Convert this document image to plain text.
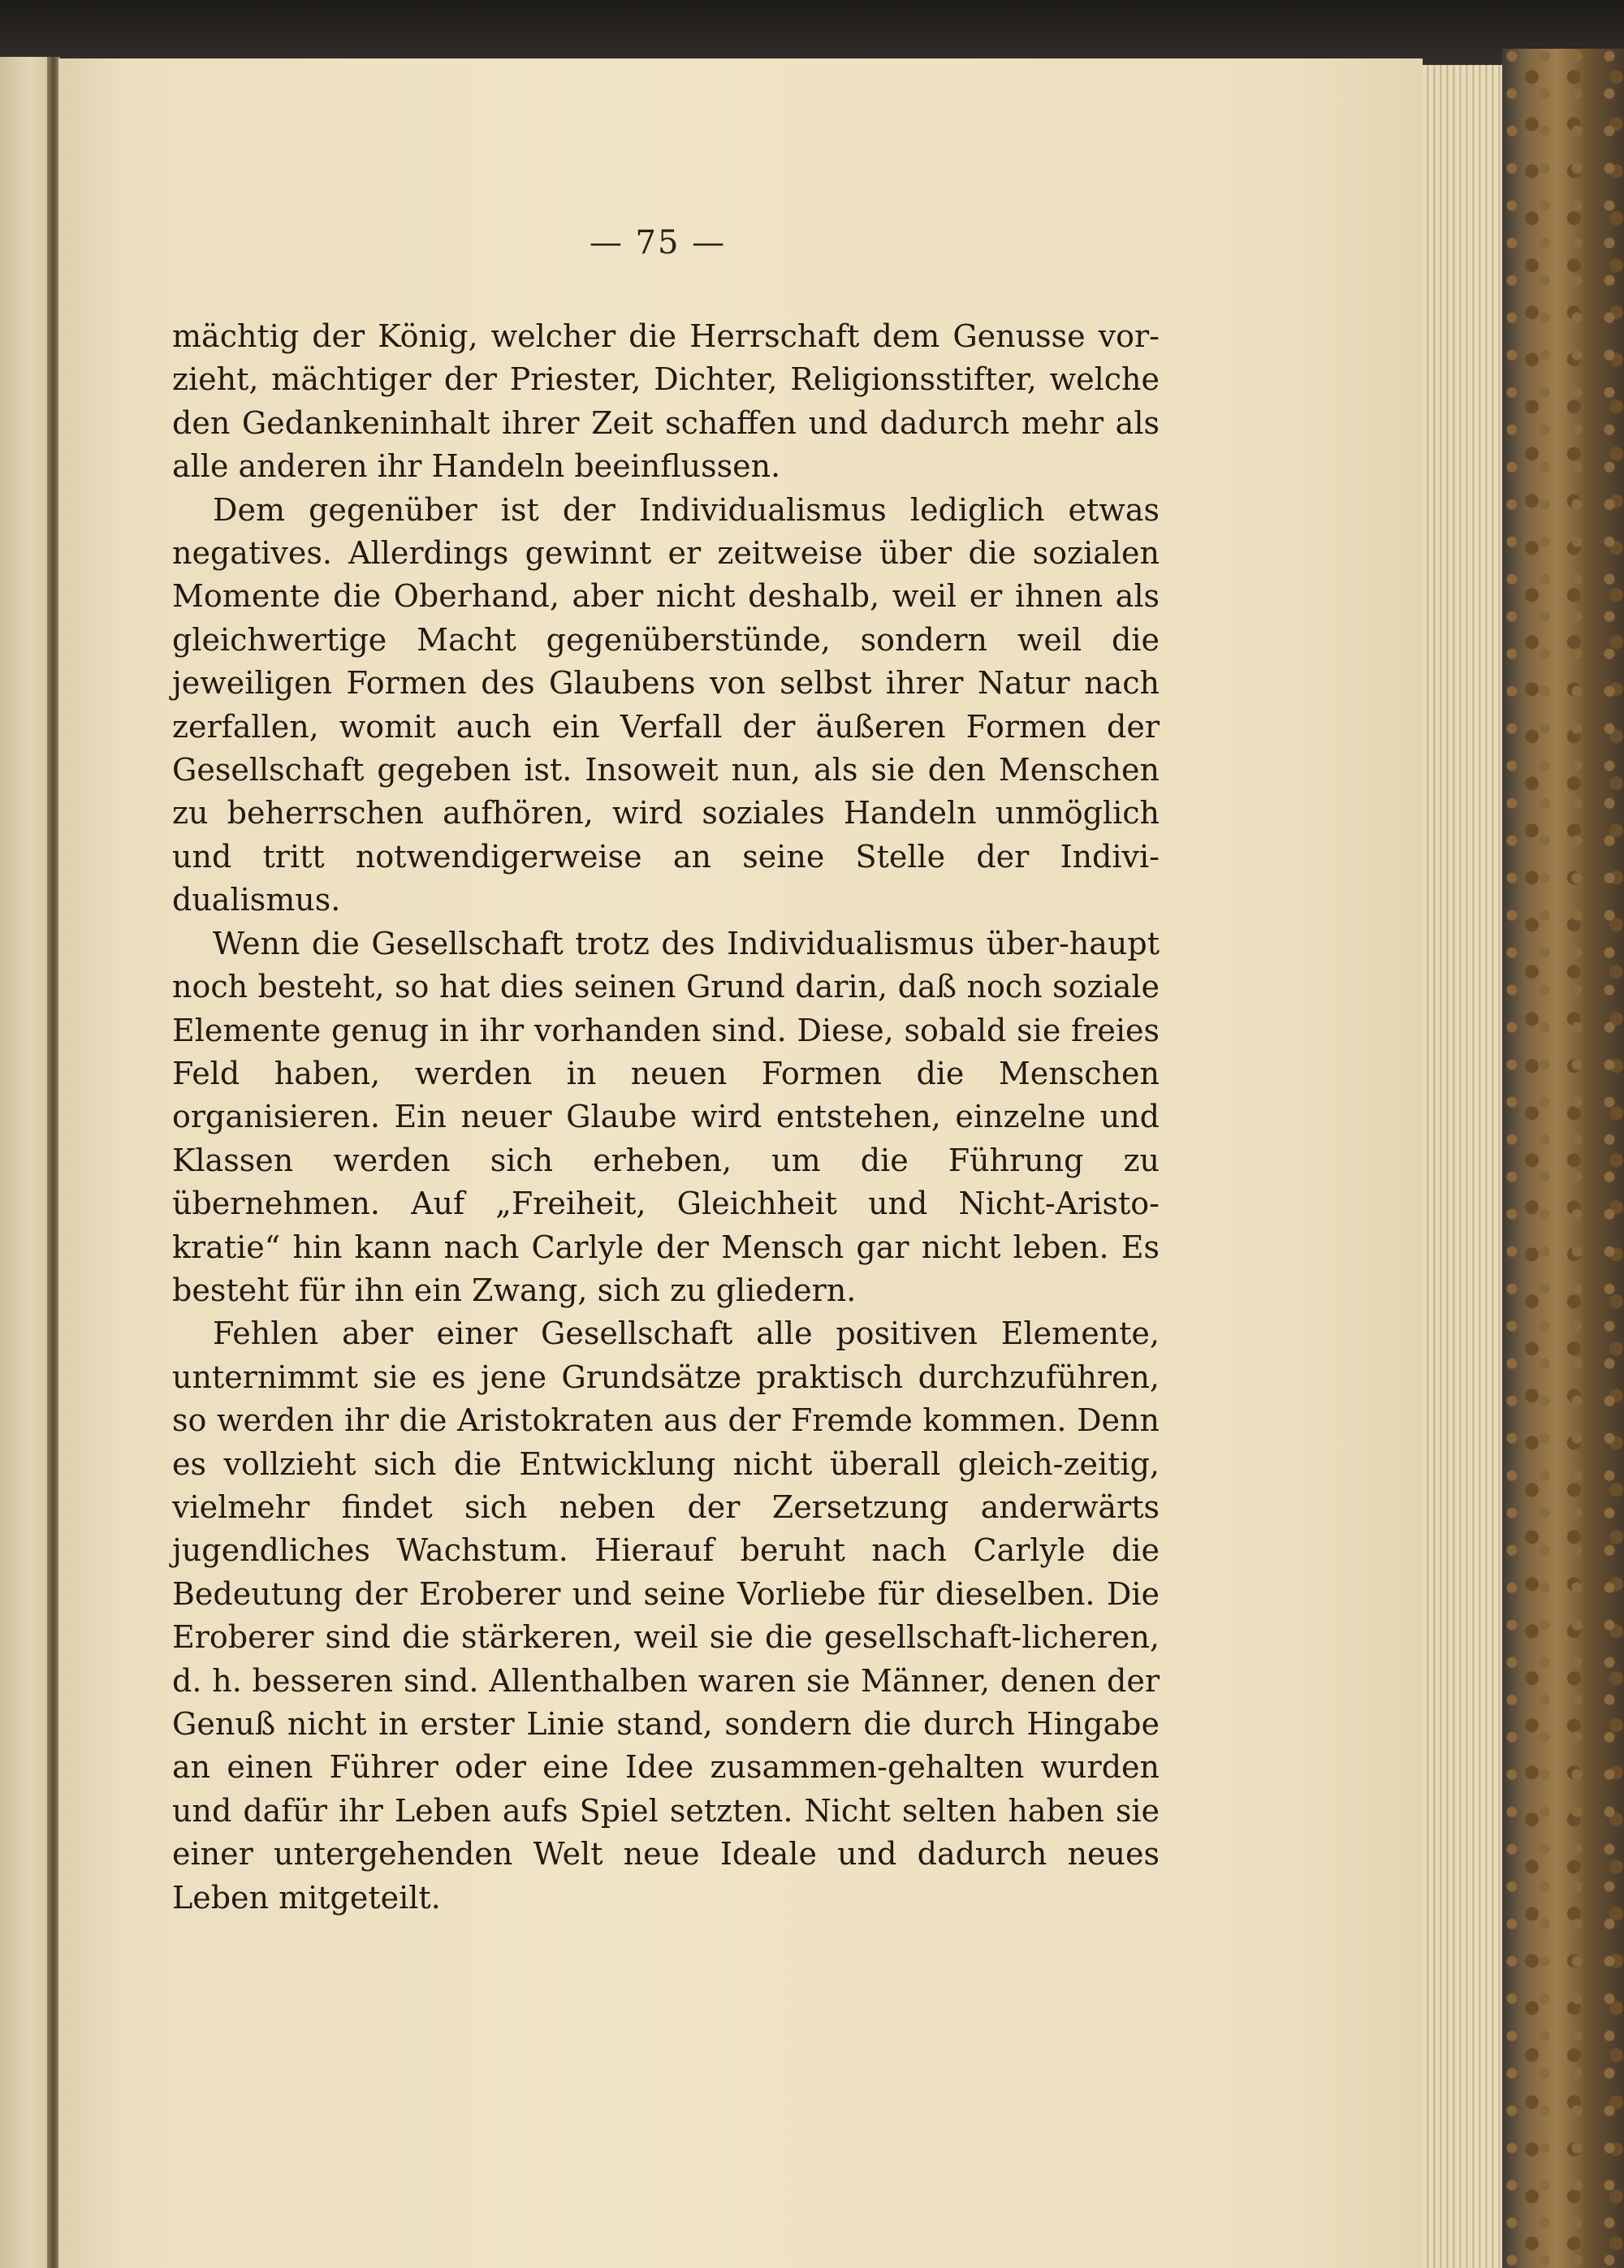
— 75 —

mächtig der König, welcher die Herrschaft dem Genusse vor-zieht, mächtiger der Priester, Dichter, Religionsstifter, welche den Gedankeninhalt ihrer Zeit schaffen und dadurch mehr als alle anderen ihr Handeln beeinflussen.

Dem gegenüber ist der Individualismus lediglich etwas negatives. Allerdings gewinnt er zeitweise über die sozialen Momente die Oberhand, aber nicht deshalb, weil er ihnen als gleichwertige Macht gegenüberstünde, sondern weil die jeweiligen Formen des Glaubens von selbst ihrer Natur nach zerfallen, womit auch ein Verfall der äußeren Formen der Gesellschaft gegeben ist. Insoweit nun, als sie den Menschen zu beherrschen aufhören, wird soziales Handeln unmöglich und tritt notwendigerweise an seine Stelle der Indivi-dualismus.

Wenn die Gesellschaft trotz des Individualismus über-haupt noch besteht, so hat dies seinen Grund darin, daß noch soziale Elemente genug in ihr vorhanden sind. Diese, sobald sie freies Feld haben, werden in neuen Formen die Menschen organisieren. Ein neuer Glaube wird entstehen, einzelne und Klassen werden sich erheben, um die Führung zu übernehmen. Auf „Freiheit, Gleichheit und Nicht-Aristo-kratie“ hin kann nach Carlyle der Mensch gar nicht leben. Es besteht für ihn ein Zwang, sich zu gliedern.

Fehlen aber einer Gesellschaft alle positiven Elemente, unternimmt sie es jene Grundsätze praktisch durchzuführen, so werden ihr die Aristokraten aus der Fremde kommen. Denn es vollzieht sich die Entwicklung nicht überall gleich-zeitig, vielmehr findet sich neben der Zersetzung anderwärts jugendliches Wachstum. Hierauf beruht nach Carlyle die Bedeutung der Eroberer und seine Vorliebe für dieselben. Die Eroberer sind die stärkeren, weil sie die gesellschaft-licheren, d. h. besseren sind. Allenthalben waren sie Männer, denen der Genuß nicht in erster Linie stand, sondern die durch Hingabe an einen Führer oder eine Idee zusammen-gehalten wurden und dafür ihr Leben aufs Spiel setzten. Nicht selten haben sie einer untergehenden Welt neue Ideale und dadurch neues Leben mitgeteilt.
